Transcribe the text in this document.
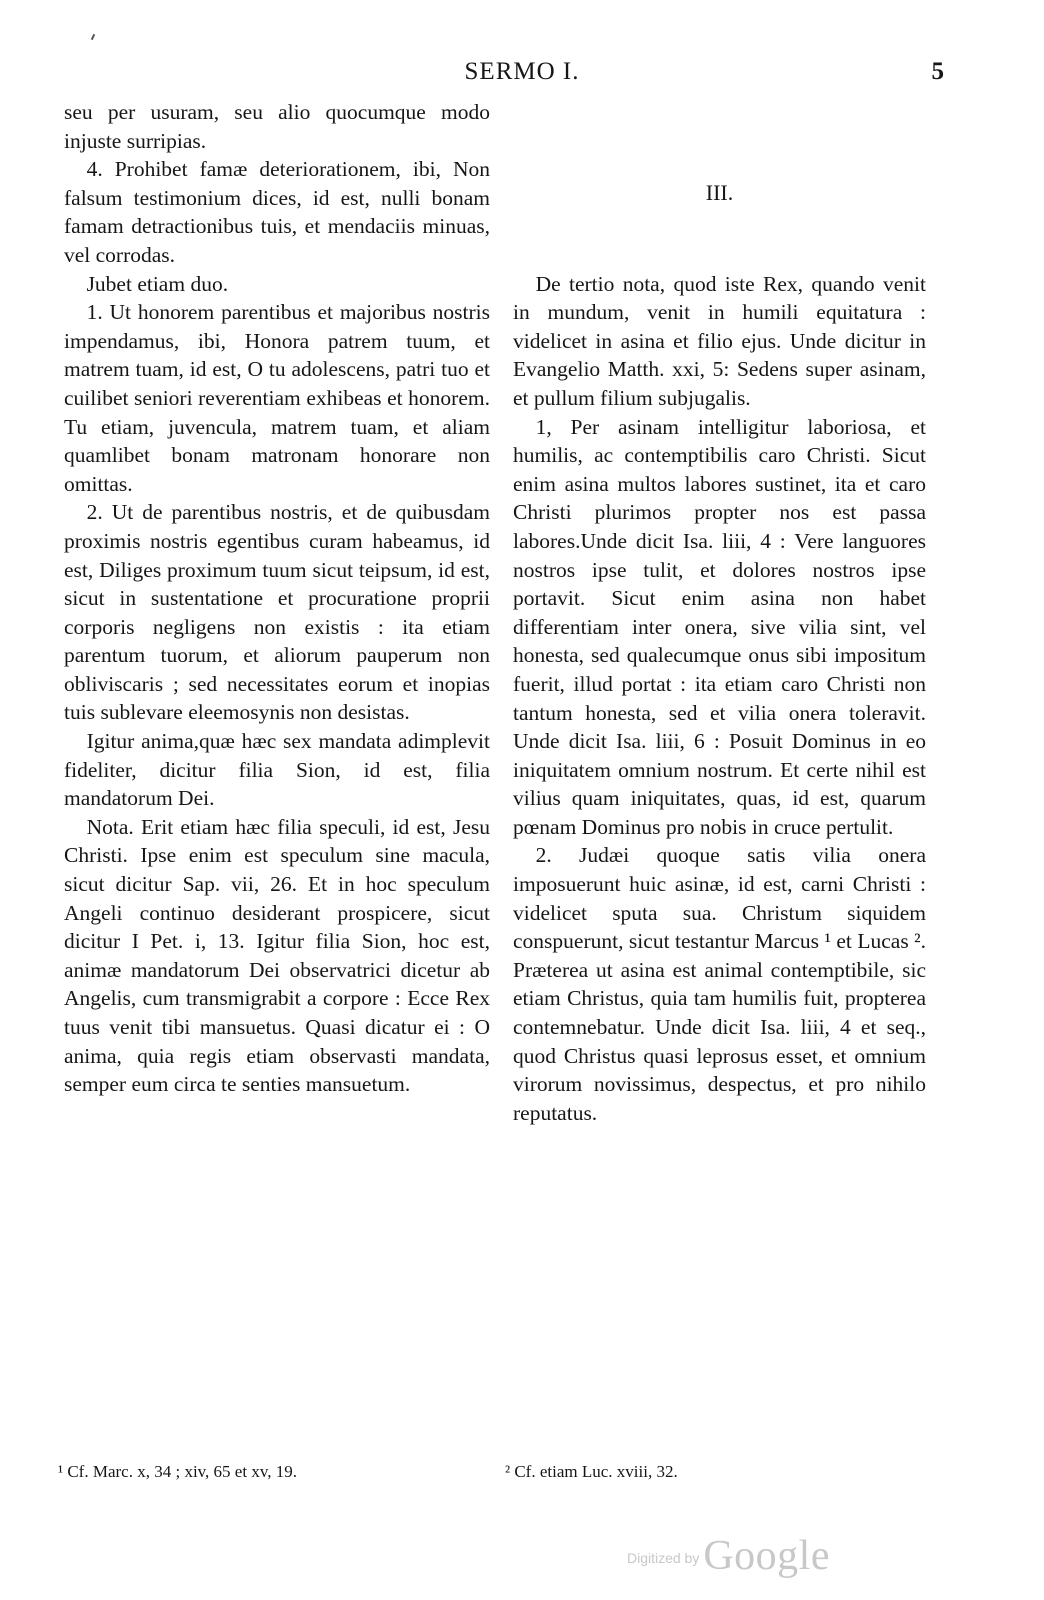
SERMO I.	5

seu per usuram, seu alio quocumque modo injuste surripias.

4. Prohibet famæ deteriorationem, ibi, Non falsum testimonium dices, id est, nulli bonam famam detractionibus tuis, et mendaciis minuas, vel corrodas.

Jubet etiam duo.

1. Ut honorem parentibus et majoribus nostris impendamus, ibi, Honora patrem tuum, et matrem tuam, id est, O tu adolescens, patri tuo et cuilibet seniori reverentiam exhibeas et honorem. Tu etiam, juvencula, matrem tuam, et aliam quamlibet bonam matronam honorare non omittas.

2. Ut de parentibus nostris, et de quibusdam proximis nostris egentibus curam habeamus, id est, Diliges proximum tuum sicut teipsum, id est, sicut in sustentatione et procuratione proprii corporis negligens non existis : ita etiam parentum tuorum, et aliorum pauperum non obliviscaris ; sed necessitates eorum et inopias tuis sublevare eleemosynis non desistas.

Igitur anima,quæ hæc sex mandata adimplevit fideliter, dicitur filia Sion, id est, filia mandatorum Dei.

Nota. Erit etiam hæc filia speculi, id est, Jesu Christi. Ipse enim est speculum sine macula, sicut dicitur Sap. vii, 26. Et in hoc speculum Angeli continuo desiderant prospicere, sicut dicitur I Pet. i, 13. Igitur filia Sion, hoc est, animæ mandatorum Dei observatrici dicetur ab Angelis, cum transmigrabit a corpore : Ecce Rex tuus venit tibi mansuetus. Quasi dicatur ei : O anima, quia regis etiam observasti mandata, semper eum circa te senties mansuetum.

III.

De tertio nota, quod iste Rex, quando venit in mundum, venit in humili equitatura : videlicet in asina et filio ejus. Unde dicitur in Evangelio Matth. xxi, 5: Sedens super asinam, et pullum filium subjugalis.

1, Per asinam intelligitur laboriosa, et humilis, ac contemptibilis caro Christi. Sicut enim asina multos labores sustinet, ita et caro Christi plurimos propter nos est passa labores.Unde dicit Isa. liii, 4 : Vere languores nostros ipse tulit, et dolores nostros ipse portavit. Sicut enim asina non habet differentiam inter onera, sive vilia sint, vel honesta, sed qualecumque onus sibi impositum fuerit, illud portat : ita etiam caro Christi non tantum honesta, sed et vilia onera toleravit. Unde dicit Isa. liii, 6 : Posuit Dominus in eo iniquitatem omnium nostrum. Et certe nihil est vilius quam iniquitates, quas, id est, quarum pœnam Dominus pro nobis in cruce pertulit.

2. Judæi quoque satis vilia onera imposuerunt huic asinæ, id est, carni Christi : videlicet sputa sua. Christum siquidem conspuerunt, sicut testantur Marcus ¹ et Lucas ². Præterea ut asina est animal contemptibile, sic etiam Christus, quia tam humilis fuit, propterea contemnebatur. Unde dicit Isa. liii, 4 et seq., quod Christus quasi leprosus esset, et omnium virorum novissimus, despectus, et pro nihilo reputatus.

¹ Cf. Marc. x, 34 ; xiv, 65 et xv, 19.	² Cf. etiam Luc. xviii, 32.
Digitized by Google
